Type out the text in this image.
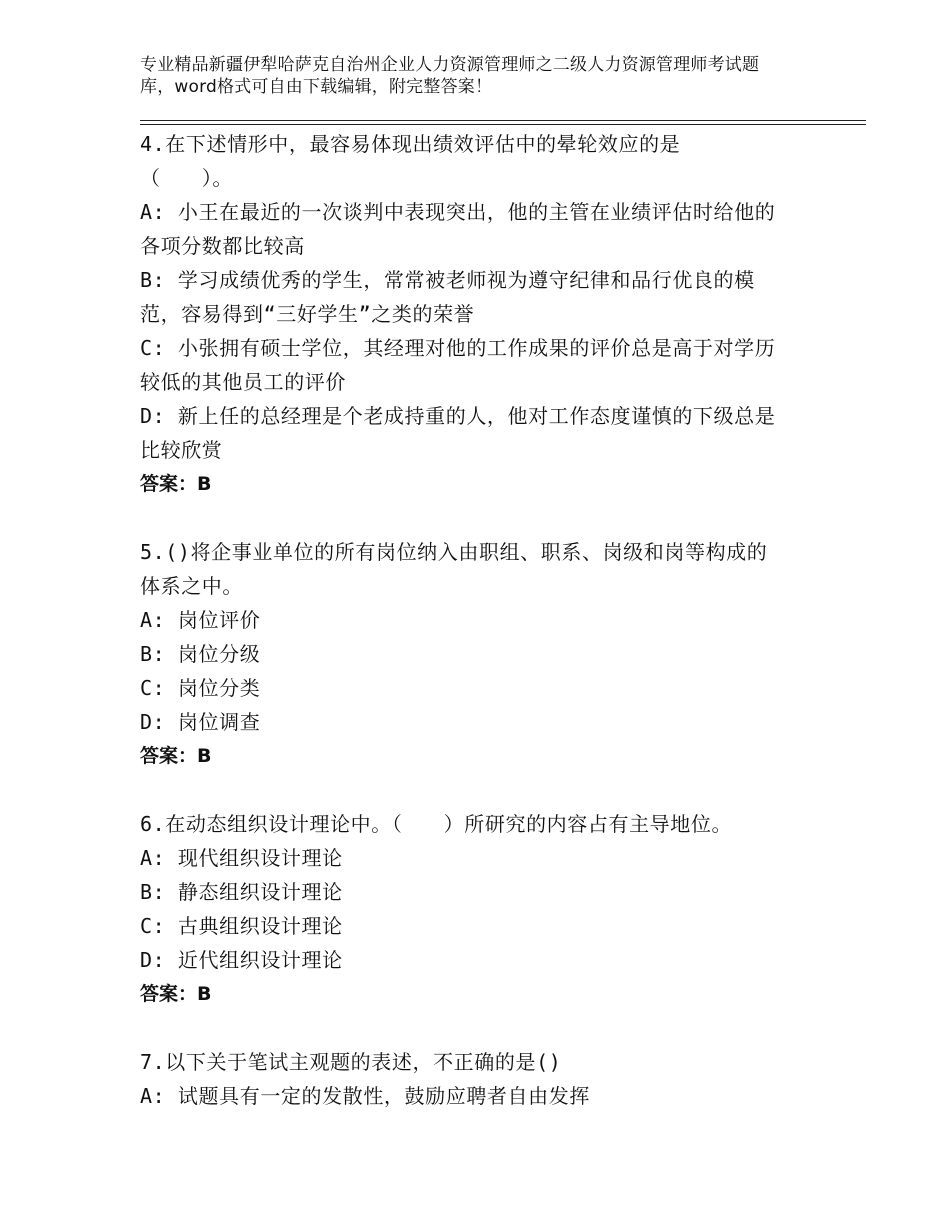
专业精品新疆伊犁哈萨克自治州企业人力资源管理师之二级人力资源管理师考试题
库，word格式可自由下载编辑，附完整答案！
4.在下述情形中，最容易体现出绩效评估中的晕轮效应的是
（　　）。
A: 小王在最近的一次谈判中表现突出，他的主管在业绩评估时给他的
各项分数都比较高
B: 学习成绩优秀的学生，常常被老师视为遵守纪律和品行优良的模
范，容易得到“三好学生”之类的荣誉
C: 小张拥有硕士学位，其经理对他的工作成果的评价总是高于对学历
较低的其他员工的评价
D: 新上任的总经理是个老成持重的人，他对工作态度谨慎的下级总是
比较欣赏
答案：B
5.()将企事业单位的所有岗位纳入由职组、职系、岗级和岗等构成的
体系之中。
A: 岗位评价
B: 岗位分级
C: 岗位分类
D: 岗位调查
答案：B
6.在动态组织设计理论中。（　　）所研究的内容占有主导地位。
A: 现代组织设计理论
B: 静态组织设计理论
C: 古典组织设计理论
D: 近代组织设计理论
答案：B
7.以下关于笔试主观题的表述，不正确的是()
A: 试题具有一定的发散性，鼓励应聘者自由发挥
